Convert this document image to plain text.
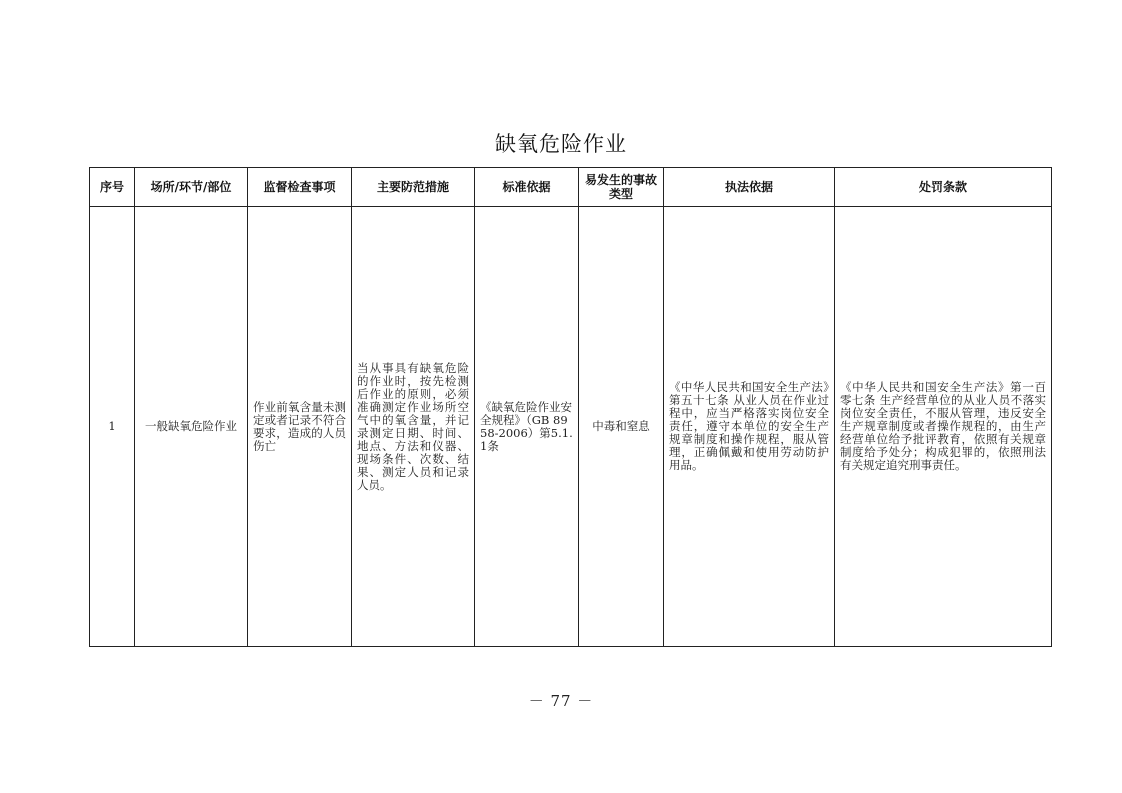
缺氧危险作业
序号	场所/环节/部位	监督检查事项	主要防范措施	标准依据	易发生的事故类型	执法依据	处罚条款
1	一般缺氧危险作业	作业前氧含量未测定或者记录不符合要求，造成的人员伤亡	当从事具有缺氧危险的作业时，按先检测后作业的原则，必须准确测定作业场所空气中的氧含量，并记录测定日期、时间、地点、方法和仪器、现场条件、次数、结果、测定人员和记录人员。	《缺氧危险作业安全规程》（GB 8958-2006）第5.1.1条	中毒和窒息	《中华人民共和国安全生产法》第五十七条 从业人员在作业过程中，应当严格落实岗位安全责任，遵守本单位的安全生产规章制度和操作规程，服从管理，正确佩戴和使用劳动防护用品。	《中华人民共和国安全生产法》第一百零七条 生产经营单位的从业人员不落实岗位安全责任，不服从管理，违反安全生产规章制度或者操作规程的，由生产经营单位给予批评教育，依照有关规章制度给予处分；构成犯罪的，依照刑法有关规定追究刑事责任。
－ 77 －
